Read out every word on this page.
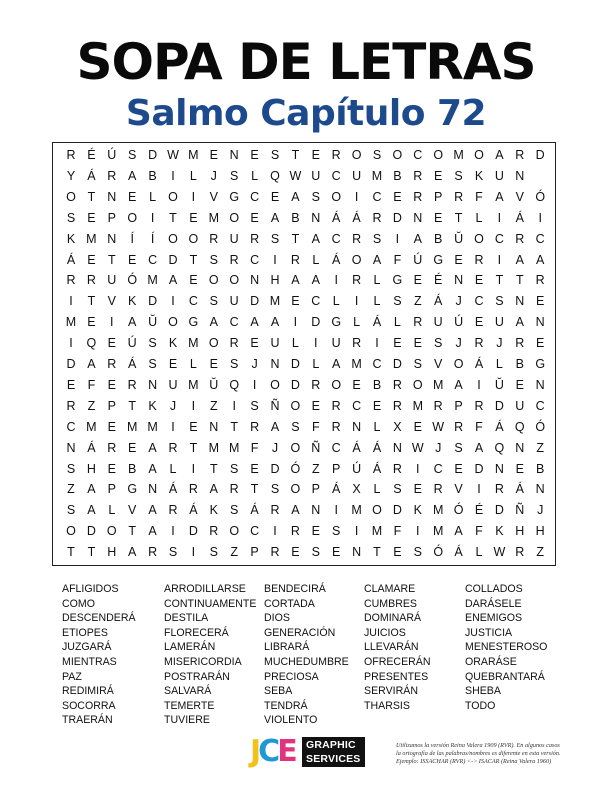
SOPA DE LETRAS
Salmo Capítulo 72
R É Ú S D W M E N E S T E R O S O C O M O A R D
Y Á R A B	I	L	J	S	L Q W U C U M B R E S K U N
O T N E	L O	I	V G C E A S O	I	C E R P R F A V Ó
S E P O	I	T E M O E A B N Á Á R D N E T	L	I	Á	I
K M N	Í	Í	O O R U R S T A C R S	I	A B Ŭ O C R C
Á E T E C D T S R C	I	R L	Á O A F Ú G E R	I	A A
R R U Ó M A E O O N H A A	I	R L G E É N E T	T R
I	T V K D	I	C S U D M E C L	I	L	S Z Á	J	C S N E
M E	I	A Ŭ O G A C A A	I	D G L	Á	L R U Ú E U A N
I	Q E Ú S K M O R E U L	I	U R	I	E E S	J	R	J	R E
D A R Á S E	L	E S	J	N D L	A M C D S V O Á	L	B G
E F E R N U M Ŭ Q	I	O D R O E B R O M A	I	Ŭ E N
R Z P T K	J	I	Z	I	S Ñ O E R C E R M R P R D U C
C M E M M	I	E N T R A S F R N L	X E W R F Á Q Ó
N Á R E A R T M M F	J O Ñ C Á Á N W J	S A Q N Z
S H E B A	L	I	T S E D Ó Z P Ú Á R	I	C E D N E B
Z A P G N Á R A R T S O P Á X	L	S E R V	I	R Á N
S A	L	V A R Á K S Á R A N	I	M O D K M Ó É D Ñ	J
O D O T A	I	D R O C	I	R E S	I	M F	I	M A F K H H
T	T H A R S	I	S Z P R E S E N T E S Ó Á	L W R Z
AFLIGIDOS
COMO
DESCENDERÁ
ETIOPES
JUZGARÁ
MIENTRAS
PAZ
REDIMIRÁ
SOCORRA
TRAERÁN
ARRODILLARSE
CONTINUAMENTE
DESTILA
FLORECERÁ
LAMERÁN
MISERICORDIA
POSTRARÁN
SALVARÁ
TEMERTE
TUVIERE
BENDECIRÁ
CORTADA
DIOS
GENERACIÓN
LIBRARÁ
MUCHEDUMBRE
PRECIOSA
SEBA
TENDRÁ
VIOLENTO
CLAMARE
CUMBRES
DOMINARÁ
JUICIOS
LLEVARÁN
OFRECERÁN
PRESENTES
SERVIRÁN
THARSIS
COLLADOS
DARÁSELE
ENEMIGOS
JUSTICIA
MENESTEROSO
ORARÁSE
QUEBRANTARÁ
SHEBA
TODO
JCE GRAPHIC
SERVICES
Utilizamos la versión Reina Valera 1909 (RVR). En algunos casos
la ortografía de las palabras/nombres es diferente en esta versión.
Ejemplo: ISSACHAR (RVR) <-> ISACAR (Reina Valera 1960)
